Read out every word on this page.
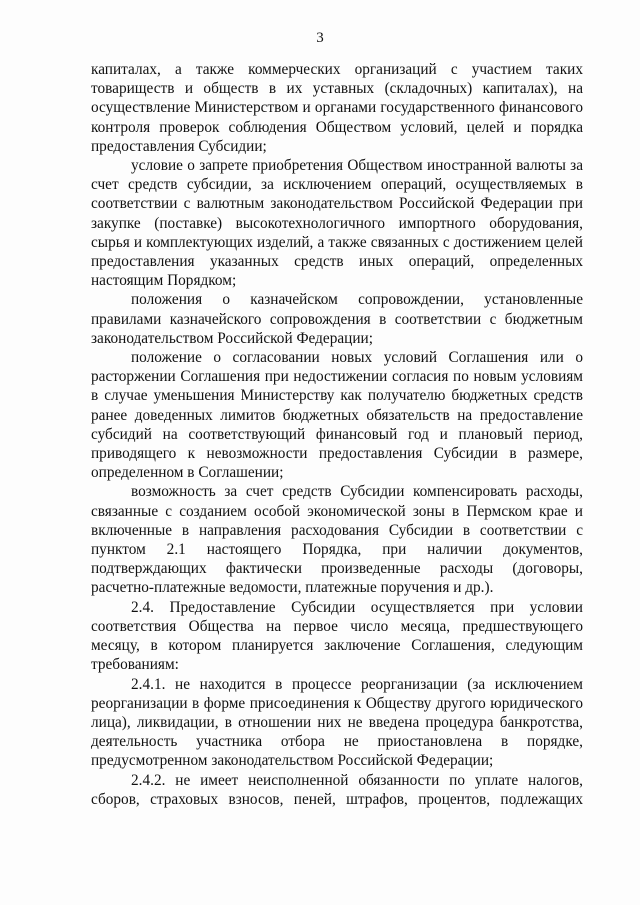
3

капиталах, а также коммерческих организаций с участием таких товариществ и обществ в их уставных (складочных) капиталах), на осуществление Министерством и органами государственного финансового контроля проверок соблюдения Обществом условий, целей и порядка предоставления Субсидии;

условие о запрете приобретения Обществом иностранной валюты за счет средств субсидии, за исключением операций, осуществляемых в соответствии с валютным законодательством Российской Федерации при закупке (поставке) высокотехнологичного импортного оборудования, сырья и комплектующих изделий, а также связанных с достижением целей предоставления указанных средств иных операций, определенных настоящим Порядком;

положения о казначейском сопровождении, установленные правилами казначейского сопровождения в соответствии с бюджетным законодательством Российской Федерации;

положение о согласовании новых условий Соглашения или о расторжении Соглашения при недостижении согласия по новым условиям в случае уменьшения Министерству как получателю бюджетных средств ранее доведенных лимитов бюджетных обязательств на предоставление субсидий на соответствующий финансовый год и плановый период, приводящего к невозможности предоставления Субсидии в размере, определенном в Соглашении;

возможность за счет средств Субсидии компенсировать расходы, связанные с созданием особой экономической зоны в Пермском крае и включенные в направления расходования Субсидии в соответствии с пунктом 2.1 настоящего Порядка, при наличии документов, подтверждающих фактически произведенные расходы (договоры, расчетно-платежные ведомости, платежные поручения и др.).

2.4. Предоставление Субсидии осуществляется при условии соответствия Общества на первое число месяца, предшествующего месяцу, в котором планируется заключение Соглашения, следующим требованиям:

2.4.1. не находится в процессе реорганизации (за исключением реорганизации в форме присоединения к Обществу другого юридического лица), ликвидации, в отношении них не введена процедура банкротства, деятельность участника отбора не приостановлена в порядке, предусмотренном законодательством Российской Федерации;

2.4.2. не имеет неисполненной обязанности по уплате налогов, сборов, страховых взносов, пеней, штрафов, процентов, подлежащих
